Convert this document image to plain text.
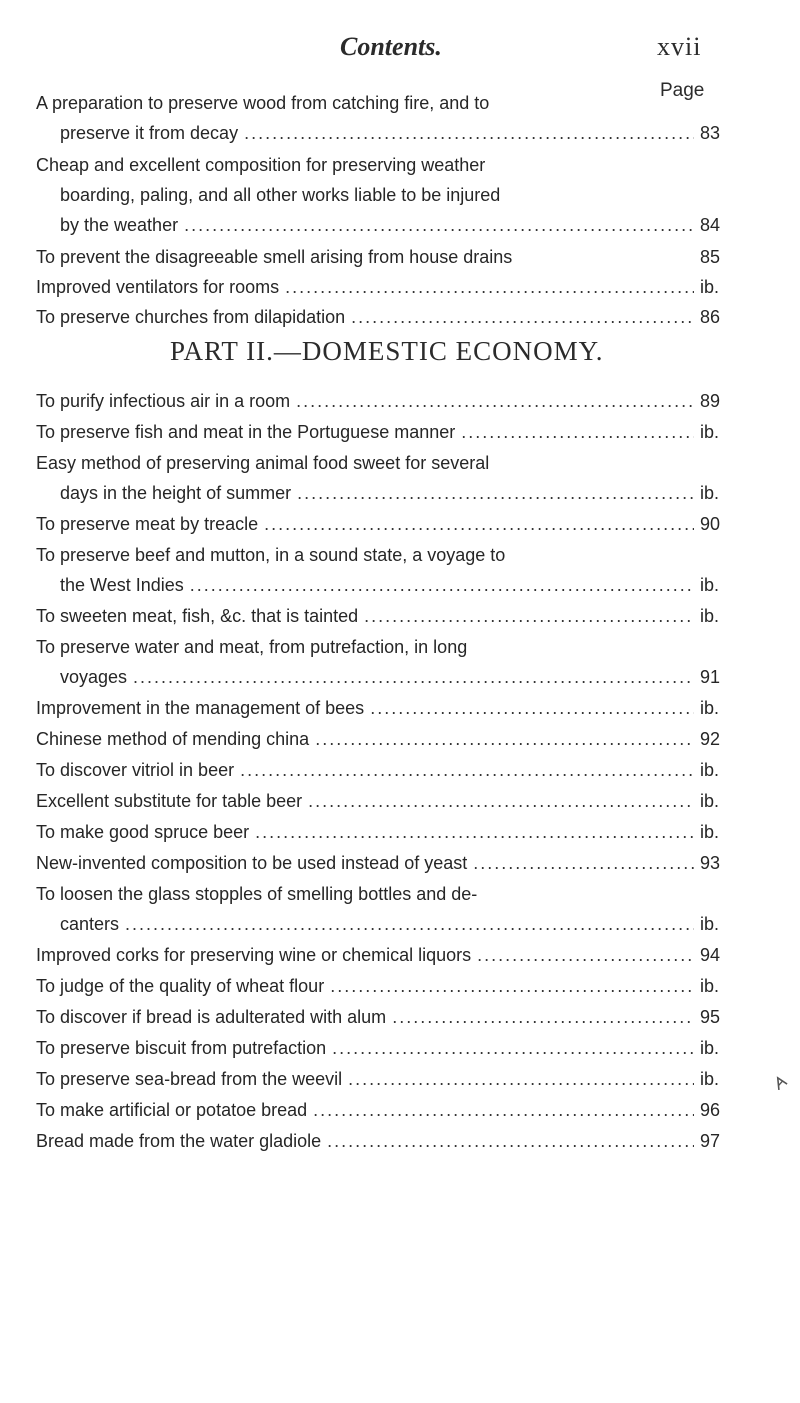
Contents.	xvii
Page
A preparation to preserve wood from catching fire, and to
preserve it from decay .....	83
Cheap and excellent composition for preserving weather
boarding, paling, and all other works liable to be injured
by the weather .....	84
To prevent the disagreeable smell arising from house drains	85
Improved ventilators for rooms .....	ib.
To preserve churches from dilapidation .....	86
PART II.—DOMESTIC ECONOMY.
To purify infectious air in a room .....	89
To preserve fish and meat in the Portuguese manner .....	ib.
Easy method of preserving animal food sweet for several
days in the height of summer .....	ib.
To preserve meat by treacle .....	90
To preserve beef and mutton, in a sound state, a voyage to
the West Indies .....	ib.
To sweeten meat, fish, &c. that is tainted .....	ib.
To preserve water and meat, from putrefaction, in long
voyages .....	91
Improvement in the management of bees .....	ib.
Chinese method of mending china .....	92
To discover vitriol in beer .....	ib.
Excellent substitute for table beer .....	ib.
To make good spruce beer .....	ib.
New-invented composition to be used instead of yeast .....	93
To loosen the glass stopples of smelling bottles and de-
canters .....	ib.
Improved corks for preserving wine or chemical liquors .....	94
To judge of the quality of wheat flour .....	ib.
To discover if bread is adulterated with alum .....	95
To preserve biscuit from putrefaction .....	ib.
To preserve sea-bread from the weevil .....	ib.
To make artificial or potatoe bread .....	96
Bread made from the water gladiole .....	97
